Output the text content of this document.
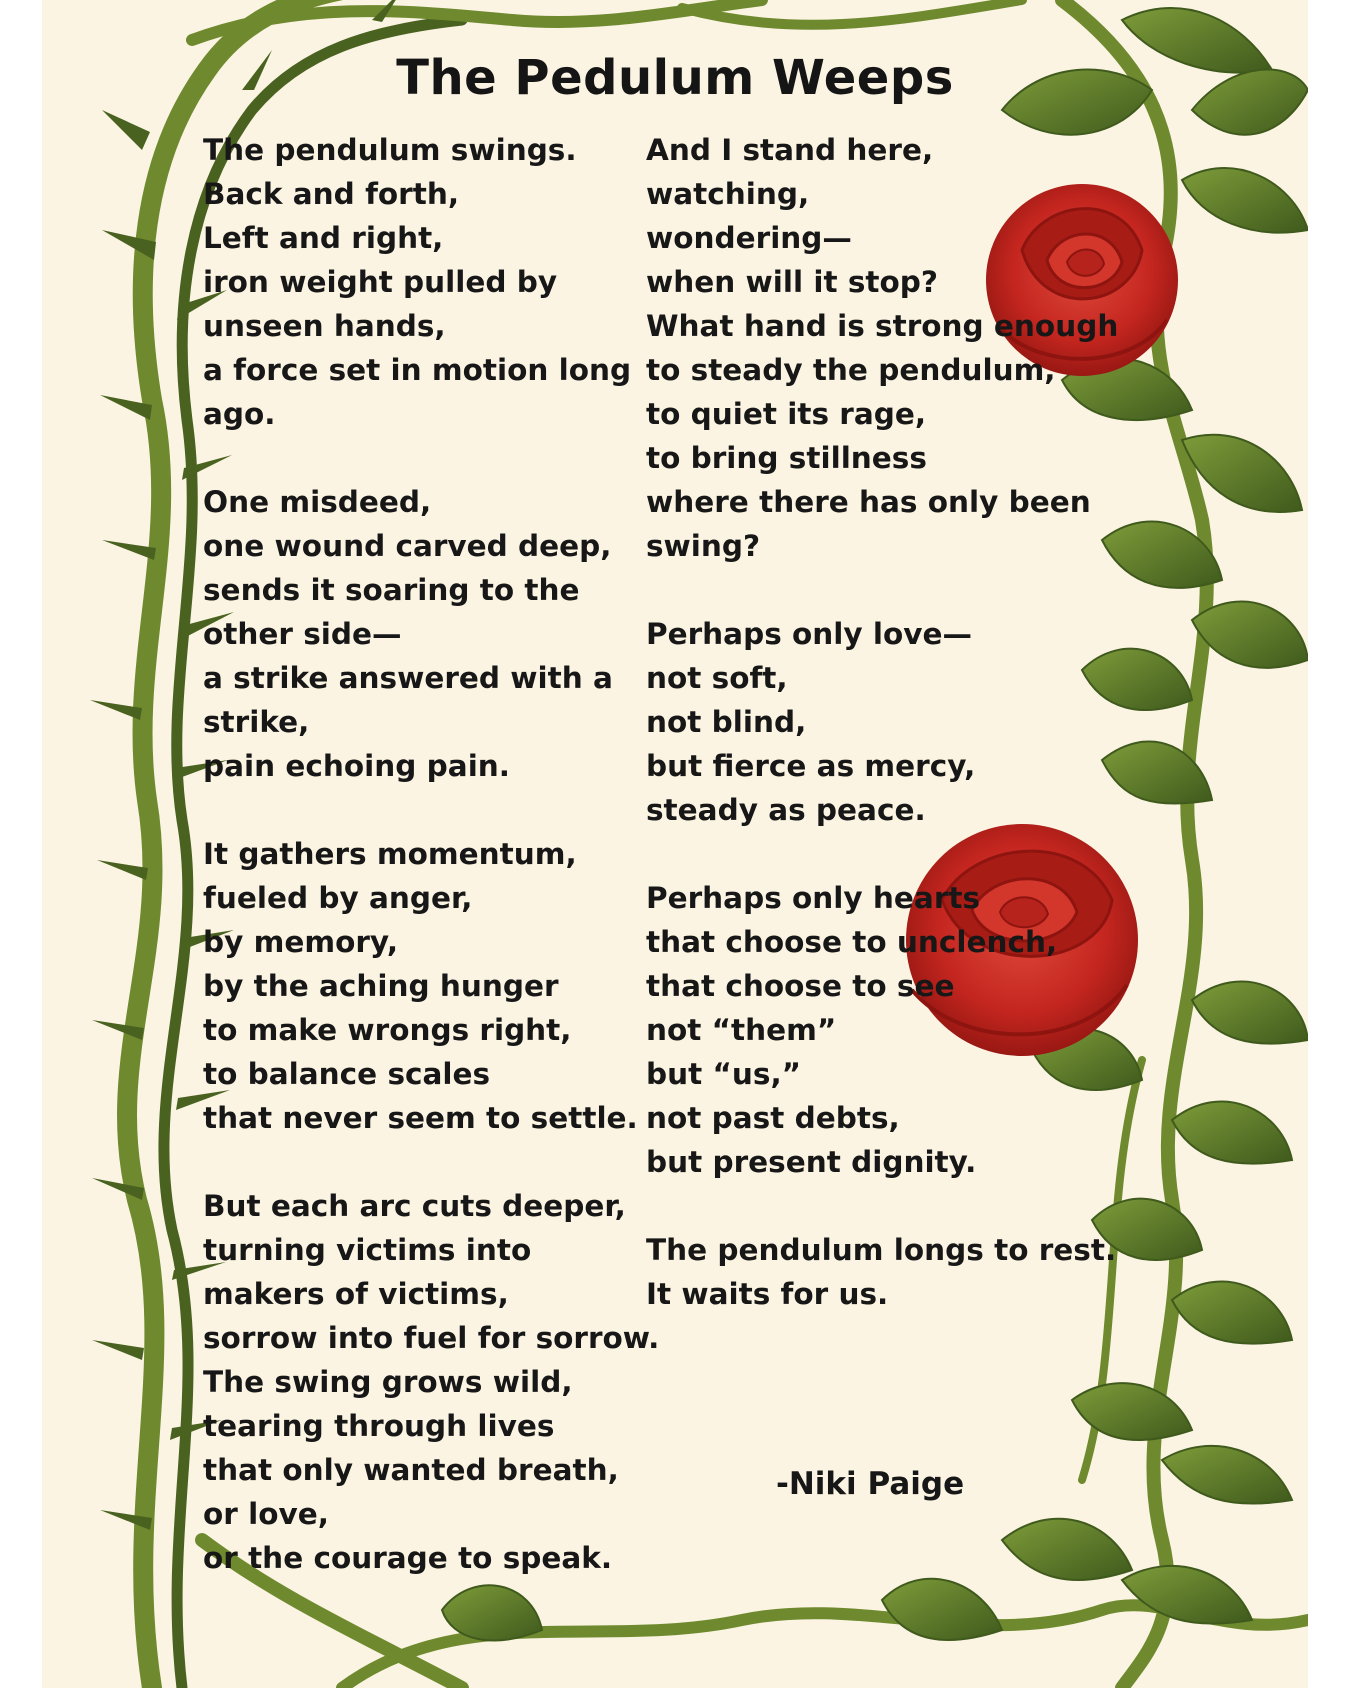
The Pedulum Weeps
The pendulum swings.
Back and forth,
Left and right,
iron weight pulled by
unseen hands,
a force set in motion long
ago.
One misdeed,
one wound carved deep,
sends it soaring to the
other side—
a strike answered with a
strike,
pain echoing pain.
It gathers momentum,
fueled by anger,
by memory,
by the aching hunger
to make wrongs right,
to balance scales
that never seem to settle.
But each arc cuts deeper,
turning victims into
makers of victims,
sorrow into fuel for sorrow.
The swing grows wild,
tearing through lives
that only wanted breath,
or love,
or the courage to speak.
And I stand here,
watching,
wondering—
when will it stop?
What hand is strong enough
to steady the pendulum,
to quiet its rage,
to bring stillness
where there has only been
swing?
Perhaps only love—
not soft,
not blind,
but fierce as mercy,
steady as peace.
Perhaps only hearts
that choose to unclench,
that choose to see
not “them”
but “us,”
not past debts,
but present dignity.
The pendulum longs to rest.
It waits for us.
-Niki Paige
